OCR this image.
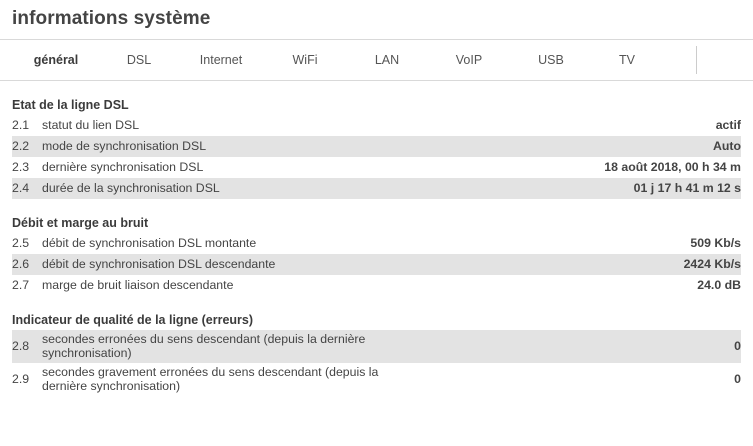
informations système
général	DSL	Internet	WiFi	LAN	VoIP	USB	TV
Etat de la ligne DSL
2.1	statut du lien DSL	actif
2.2	mode de synchronisation DSL	Auto
2.3	dernière synchronisation DSL	18 août 2018, 00 h 34 m
2.4	durée de la synchronisation DSL	01 j 17 h 41 m 12 s
Débit et marge au bruit
2.5	débit de synchronisation DSL montante	509 Kb/s
2.6	débit de synchronisation DSL descendante	2424 Kb/s
2.7	marge de bruit liaison descendante	24.0 dB
Indicateur de qualité de la ligne (erreurs)
2.8	secondes erronées du sens descendant (depuis la dernière synchronisation)	0
2.9	secondes gravement erronées du sens descendant (depuis la dernière synchronisation)	0
